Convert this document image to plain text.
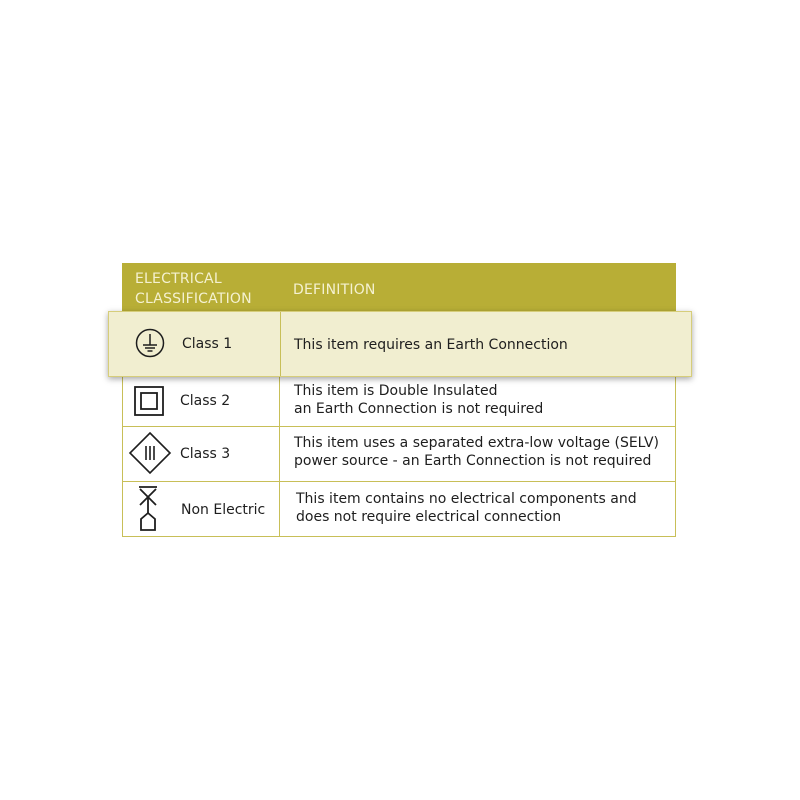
ELECTRICAL
CLASSIFICATION
DEFINITION
Class 2
This item is Double Insulated
an Earth Connection is not required
Class 3
This item uses a separated extra-low voltage (SELV)
power source - an Earth Connection is not required
Non Electric
This item contains no electrical components and
does not require electrical connection
Class 1	This item requires an Earth Connection
